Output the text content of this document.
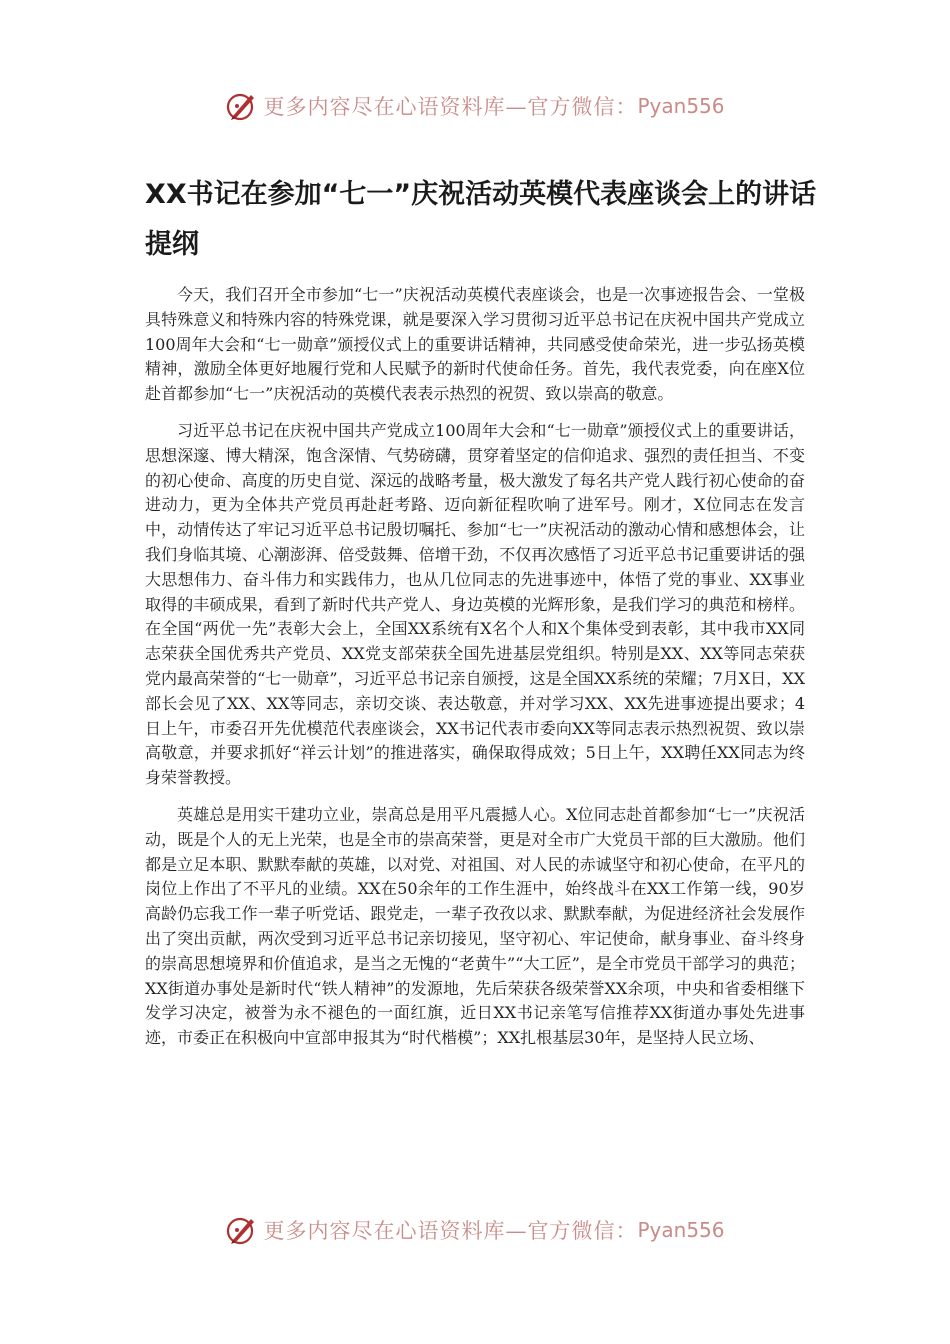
更多内容尽在心语资料库—官方微信： Pyan556
XX书记在参加“七一”庆祝活动英模代表座谈会上的讲话提纲

今天，我们召开全市参加“七一”庆祝活动英模代表座谈会，也是一次事迹报告会、一堂极具特殊意义和特殊内容的特殊党课，就是要深入学习贯彻习近平总书记在庆祝中国共产党成立100周年大会和“七一勋章”颁授仪式上的重要讲话精神，共同感受使命荣光，进一步弘扬英模精神，激励全体更好地履行党和人民赋予的新时代使命任务。首先，我代表党委，向在座X位赴首都参加“七一”庆祝活动的英模代表表示热烈的祝贺、致以崇高的敬意。

习近平总书记在庆祝中国共产党成立100周年大会和“七一勋章”颁授仪式上的重要讲话，思想深邃、博大精深，饱含深情、气势磅礴，贯穿着坚定的信仰追求、强烈的责任担当、不变的初心使命、高度的历史自觉、深远的战略考量，极大激发了每名共产党人践行初心使命的奋进动力，更为全体共产党员再赴赶考路、迈向新征程吹响了进军号。刚才，X位同志在发言中，动情传达了牢记习近平总书记殷切嘱托、参加“七一”庆祝活动的激动心情和感想体会，让我们身临其境、心潮澎湃、倍受鼓舞、倍增干劲，不仅再次感悟了习近平总书记重要讲话的强大思想伟力、奋斗伟力和实践伟力，也从几位同志的先进事迹中，体悟了党的事业、XX事业取得的丰硕成果，看到了新时代共产党人、身边英模的光辉形象，是我们学习的典范和榜样。在全国“两优一先”表彰大会上，全国XX系统有X名个人和X个集体受到表彰，其中我市XX同志荣获全国优秀共产党员、XX党支部荣获全国先进基层党组织。特别是XX、XX等同志荣获党内最高荣誉的“七一勋章”，习近平总书记亲自颁授，这是全国XX系统的荣耀；7月X日，XX部长会见了XX、XX等同志，亲切交谈、表达敬意，并对学习XX、XX先进事迹提出要求；4日上午，市委召开先优模范代表座谈会，XX书记代表市委向XX等同志表示热烈祝贺、致以崇高敬意，并要求抓好“祥云计划”的推进落实，确保取得成效；5日上午，XX聘任XX同志为终身荣誉教授。

英雄总是用实干建功立业，崇高总是用平凡震撼人心。X位同志赴首都参加“七一”庆祝活动，既是个人的无上光荣，也是全市的崇高荣誉，更是对全市广大党员干部的巨大激励。他们都是立足本职、默默奉献的英雄，以对党、对祖国、对人民的赤诚坚守和初心使命，在平凡的岗位上作出了不平凡的业绩。XX在50余年的工作生涯中，始终战斗在XX工作第一线，90岁高龄仍忘我工作一辈子听党话、跟党走，一辈子孜孜以求、默默奉献，为促进经济社会发展作出了突出贡献，两次受到习近平总书记亲切接见，坚守初心、牢记使命，献身事业、奋斗终身的崇高思想境界和价值追求，是当之无愧的“老黄牛”“大工匠”，是全市党员干部学习的典范；XX街道办事处是新时代“铁人精神”的发源地，先后荣获各级荣誉XX余项，中央和省委相继下发学习决定，被誉为永不褪色的一面红旗，近日XX书记亲笔写信推荐XX街道办事处先进事迹，市委正在积极向中宣部申报其为“时代楷模”；XX扎根基层30年，是坚持人民立场、

更多内容尽在心语资料库—官方微信： Pyan556
